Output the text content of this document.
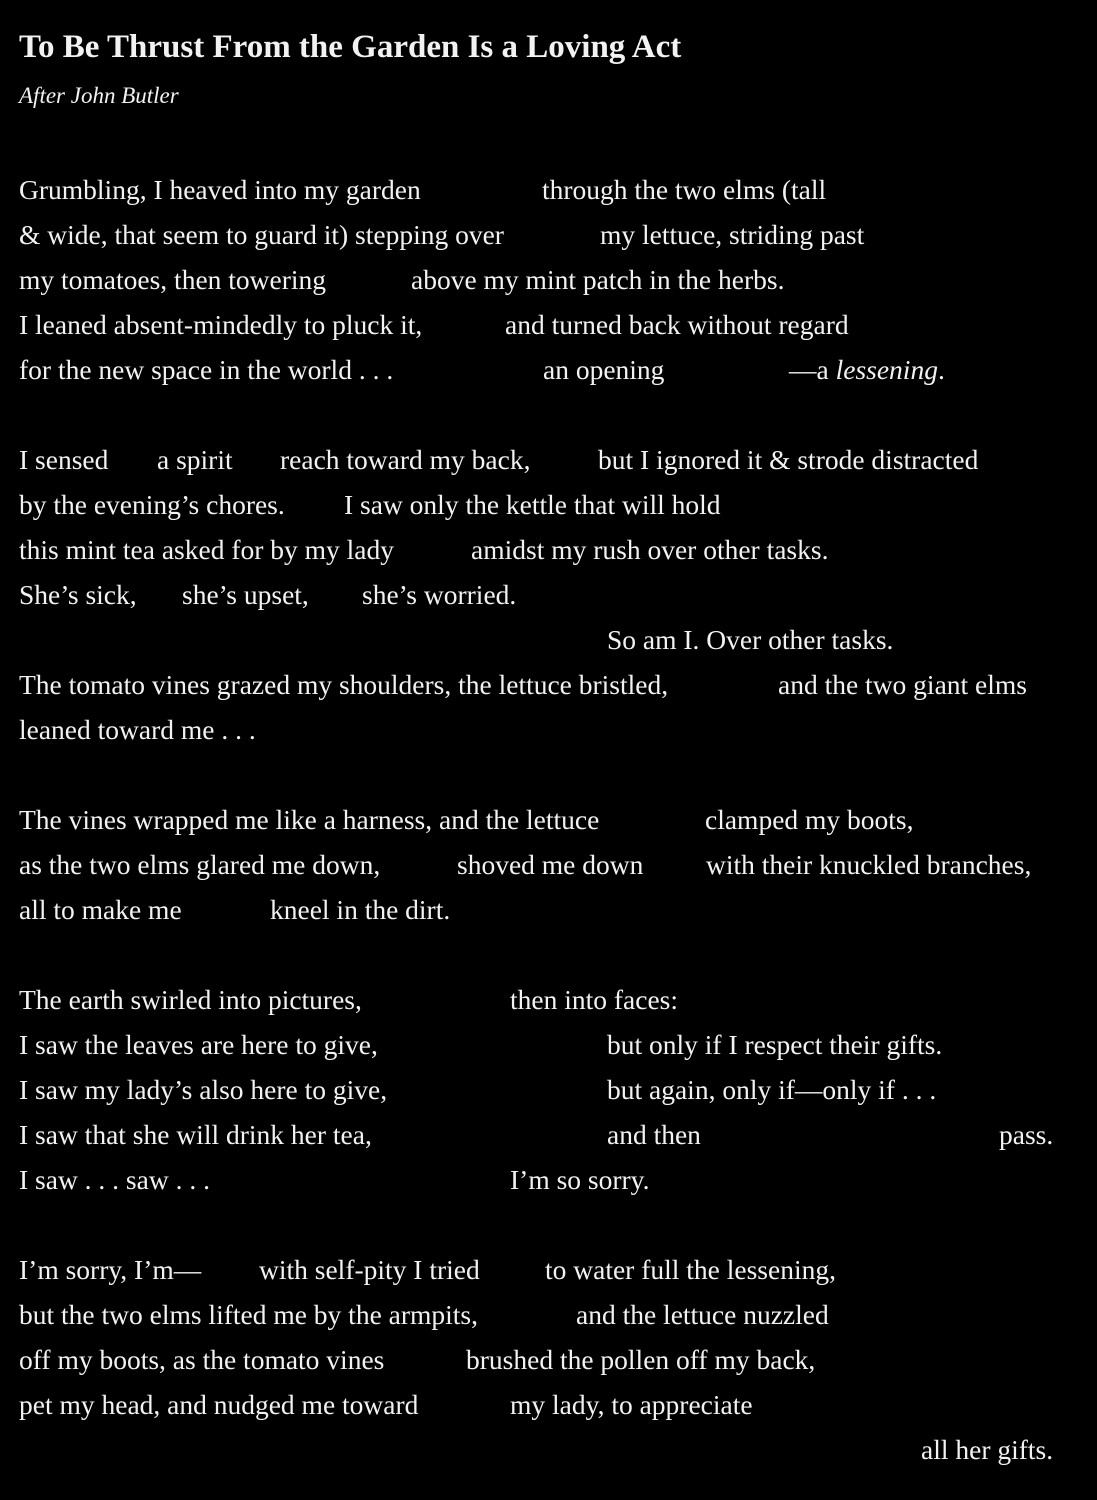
To Be Thrust From the Garden Is a Loving Act
After John Butler
Grumbling, I heaved into my garden	through the two elms (tall
& wide, that seem to guard it) stepping over	my lettuce, striding past
my tomatoes, then towering	above my mint patch in the herbs.
I leaned absent-mindedly to pluck it,	and turned back without regard
for the new space in the world . . .	an opening	—a lessening.
I sensed a spirit reach toward my back, but I ignored it & strode distracted
by the evening’s chores. I saw only the kettle that will hold
this mint tea asked for by my lady	amidst my rush over other tasks.
She’s sick, she’s upset, she’s worried.
So am I. Over other tasks.
The tomato vines grazed my shoulders, the lettuce bristled,	and the two giant elms
leaned toward me . . .
The vines wrapped me like a harness, and the lettuce	clamped my boots,
as the two elms glared me down,	shoved me down with their knuckled branches,
all to make me	kneel in the dirt.
The earth swirled into pictures,	then into faces:
I saw the leaves are here to give,	but only if I respect their gifts.
I saw my lady’s also here to give,	but again, only if—only if . . .
I saw that she will drink her tea,	and then	pass.
I saw . . . saw . . .	I’m so sorry.
I’m sorry, I’m— with self-pity I tried to water full the lessening,
but the two elms lifted me by the armpits,	and the lettuce nuzzled
off my boots, as the tomato vines	brushed the pollen off my back,
pet my head, and nudged me toward	my lady, to appreciate
all her gifts.
